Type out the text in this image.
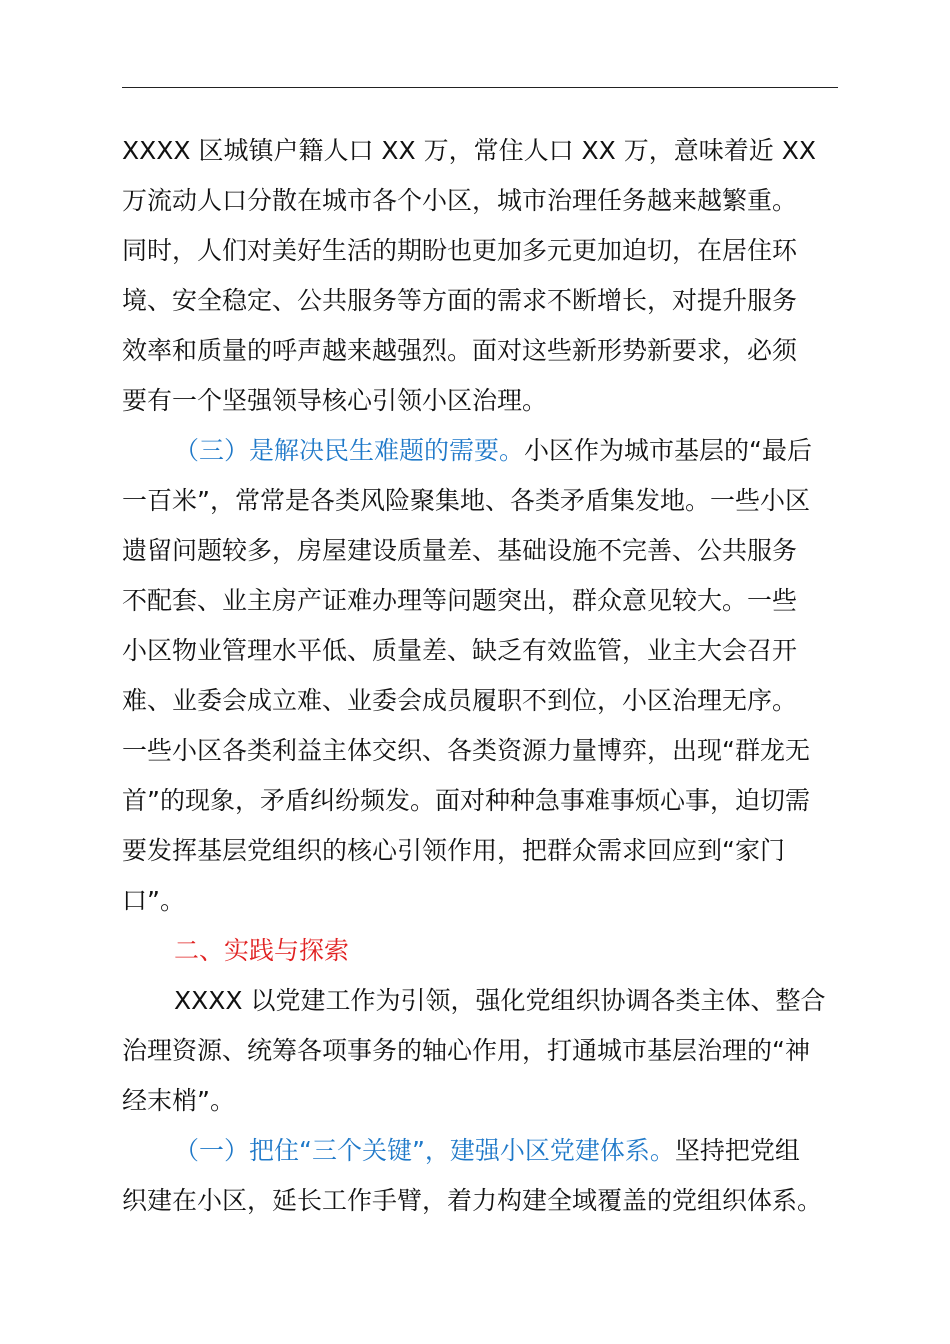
XXXX 区城镇户籍人口 XX 万，常住人口 XX 万，意味着近 XX
万流动人口分散在城市各个小区，城市治理任务越来越繁重。
同时，人们对美好生活的期盼也更加多元更加迫切，在居住环
境、安全稳定、公共服务等方面的需求不断增长，对提升服务
效率和质量的呼声越来越强烈。面对这些新形势新要求，必须
要有一个坚强领导核心引领小区治理。
（三）是解决民生难题的需要。小区作为城市基层的“最后
一百米”，常常是各类风险聚集地、各类矛盾集发地。一些小区
遗留问题较多，房屋建设质量差、基础设施不完善、公共服务
不配套、业主房产证难办理等问题突出，群众意见较大。一些
小区物业管理水平低、质量差、缺乏有效监管，业主大会召开
难、业委会成立难、业委会成员履职不到位，小区治理无序。
一些小区各类利益主体交织、各类资源力量博弈，出现“群龙无
首”的现象，矛盾纠纷频发。面对种种急事难事烦心事，迫切需
要发挥基层党组织的核心引领作用，把群众需求回应到“家门
口”。
二、实践与探索
XXXX 以党建工作为引领，强化党组织协调各类主体、整合
治理资源、统筹各项事务的轴心作用，打通城市基层治理的“神
经末梢”。
（一）把住“三个关键”，建强小区党建体系。坚持把党组
织建在小区，延长工作手臂，着力构建全域覆盖的党组织体系。
